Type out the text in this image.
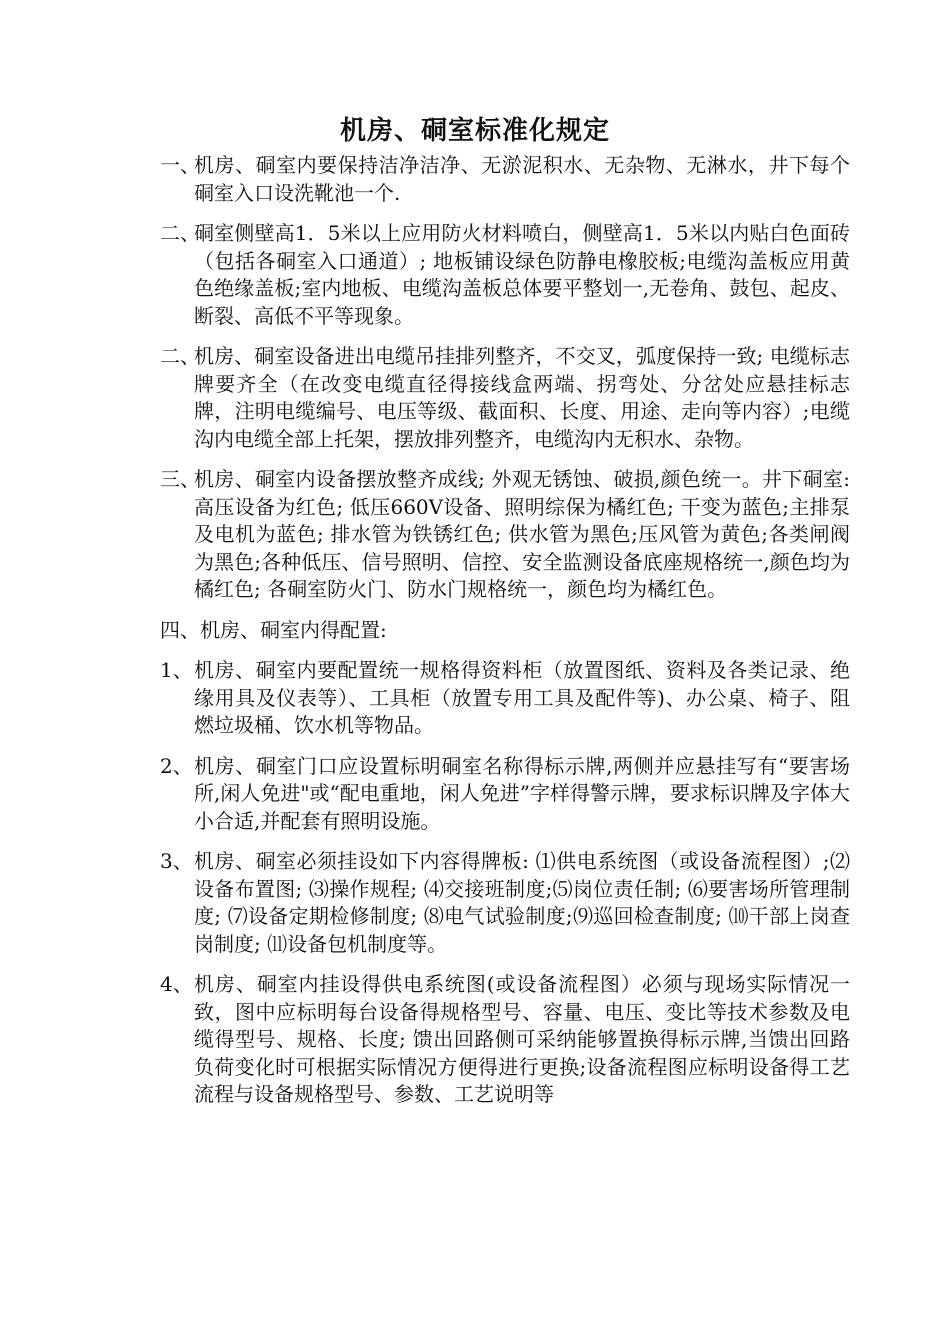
机房、硐室标准化规定
一、
机房、硐室内要保持洁净洁净、无淤泥积水、无杂物、无淋水，井下每个硐室入口设洗靴池一个.
二、
硐室侧壁高1．5米以上应用防火材料喷白，侧壁高1．5米以内贴白色面砖（包括各硐室入口通道）; 地板铺设绿色防静电橡胶板;电缆沟盖板应用黄色绝缘盖板;室内地板、电缆沟盖板总体要平整划一,无卷角、鼓包、起皮、断裂、高低不平等现象。
二、
机房、硐室设备进出电缆吊挂排列整齐，不交叉，弧度保持一致; 电缆标志牌要齐全（在改变电缆直径得接线盒两端、拐弯处、分岔处应悬挂标志牌，注明电缆编号、电压等级、截面积、长度、用途、走向等内容）;电缆沟内电缆全部上托架，摆放排列整齐，电缆沟内无积水、杂物。
三、
机房、硐室内设备摆放整齐成线; 外观无锈蚀、破损,颜色统一。井下硐室:高压设备为红色; 低压660V设备、照明综保为橘红色; 干变为蓝色;主排泵及电机为蓝色; 排水管为铁锈红色; 供水管为黑色;压风管为黄色;各类闸阀为黑色;各种低压、信号照明、信控、安全监测设备底座规格统一,颜色均为橘红色; 各硐室防火门、防水门规格统一，颜色均为橘红色。
四、机房、硐室内得配置:
1、 机房、硐室内要配置统一规格得资料柜（放置图纸、资料及各类记录、绝缘用具及仪表等）、工具柜（放置专用工具及配件等)、办公桌、椅子、阻燃垃圾桶、饮水机等物品。
2、 机房、硐室门口应设置标明硐室名称得标示牌,两侧并应悬挂写有“要害场所,闲人免进"或“配电重地，闲人免进”字样得警示牌，要求标识牌及字体大小合适,并配套有照明设施。
3、 机房、硐室必须挂设如下内容得牌板: ⑴供电系统图（或设备流程图）;⑵设备布置图; ⑶操作规程; ⑷交接班制度;⑸岗位责任制; ⑹要害场所管理制度; ⑺设备定期检修制度; ⑻电气试验制度;⑼巡回检查制度; ⑽干部上岗查岗制度; ⑾设备包机制度等。
4、 机房、硐室内挂设得供电系统图(或设备流程图）必须与现场实际情况一致，图中应标明每台设备得规格型号、容量、电压、变比等技术参数及电缆得型号、规格、长度; 馈出回路侧可采纳能够置换得标示牌,当馈出回路负荷变化时可根据实际情况方便得进行更换;设备流程图应标明设备得工艺流程与设备规格型号、参数、工艺说明等
